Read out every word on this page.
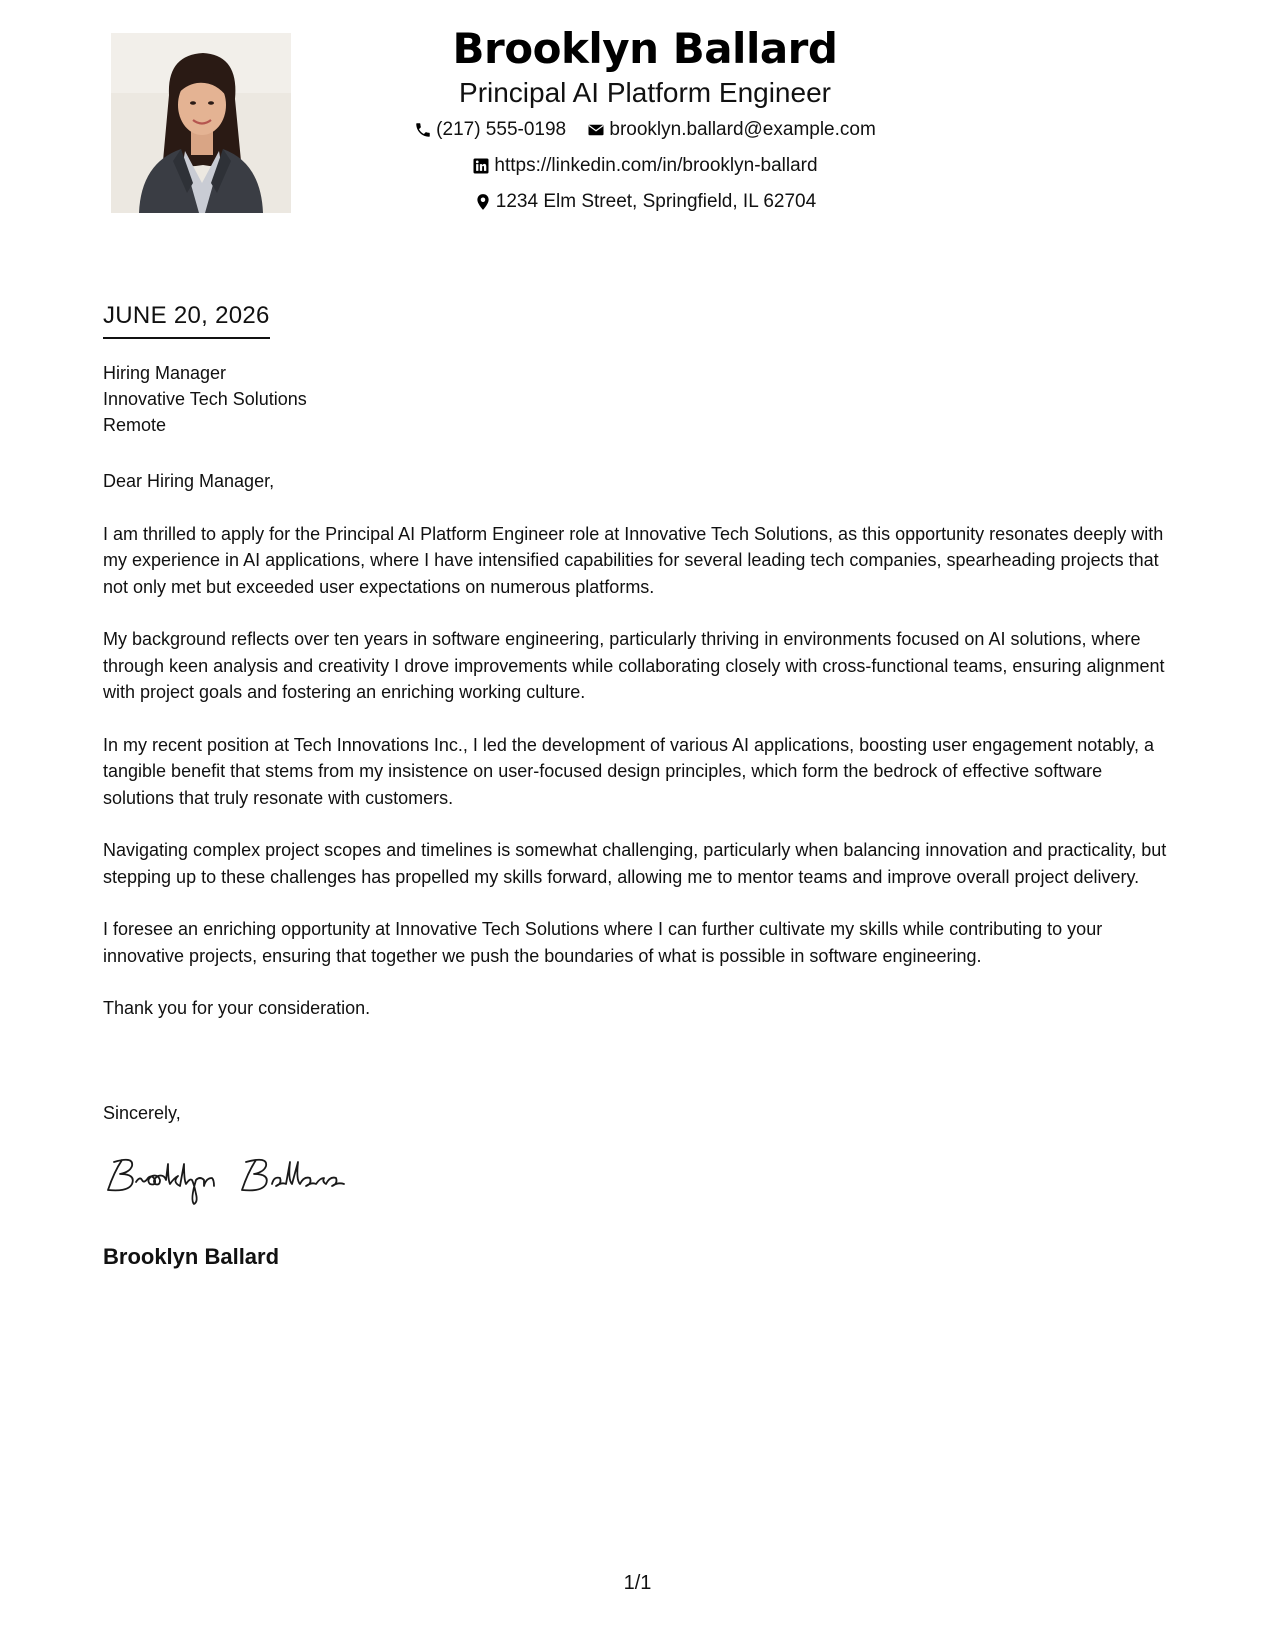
Brooklyn Ballard
Principal AI Platform Engineer
(217) 555-0198
brooklyn.ballard@example.com
https://linkedin.com/in/brooklyn-ballard
1234 Elm Street, Springfield, IL 62704
JUNE 20, 2026
Hiring Manager
Innovative Tech Solutions
Remote

Dear Hiring Manager,

I am thrilled to apply for the Principal AI Platform Engineer role at Innovative Tech Solutions, as this opportunity resonates deeply with my experience in AI applications, where I have intensified capabilities for several leading tech companies, spearheading projects that not only met but exceeded user expectations on numerous platforms.

My background reflects over ten years in software engineering, particularly thriving in environments focused on AI solutions, where through keen analysis and creativity I drove improvements while collaborating closely with cross-functional teams, ensuring alignment with project goals and fostering an enriching working culture.

In my recent position at Tech Innovations Inc., I led the development of various AI applications, boosting user engagement notably, a tangible benefit that stems from my insistence on user-focused design principles, which form the bedrock of effective software solutions that truly resonate with customers.

Navigating complex project scopes and timelines is somewhat challenging, particularly when balancing innovation and practicality, but stepping up to these challenges has propelled my skills forward, allowing me to mentor teams and improve overall project delivery.

I foresee an enriching opportunity at Innovative Tech Solutions where I can further cultivate my skills while contributing to your innovative projects, ensuring that together we push the boundaries of what is possible in software engineering.

Thank you for your consideration.

Sincerely,
Brooklyn Ballard
1/1
